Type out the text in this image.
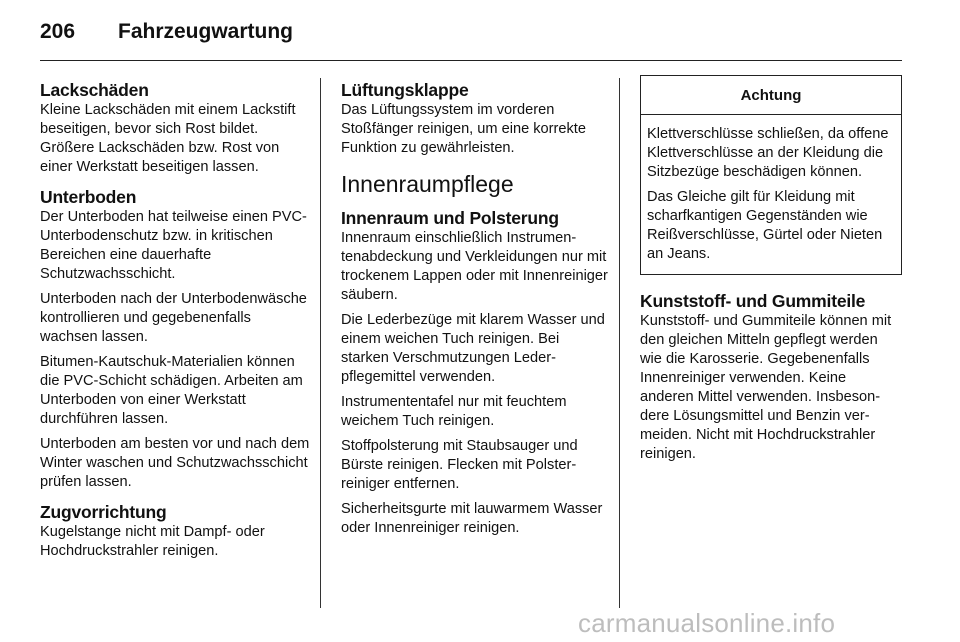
206 Fahrzeugwartung
Lackschäden

Kleine Lackschäden mit einem Lackstift beseitigen, bevor sich Rost bildet. Größere Lackschäden bzw. Rost von einer Werkstatt beseitigen lassen.

Unterboden

Der Unterboden hat teilweise einen PVC-Unterbodenschutz bzw. in kritischen Bereichen eine dauerhafte Schutzwachsschicht.

Unterboden nach der Unterbodenwäsche kontrollieren und gegebenenfalls wachsen lassen.

Bitumen-Kautschuk-Materialien können die PVC-Schicht schädigen. Arbeiten am Unterboden von einer Werkstatt durchführen lassen.

Unterboden am besten vor und nach dem Winter waschen und Schutzwachsschicht prüfen lassen.

Zugvorrichtung

Kugelstange nicht mit Dampf- oder Hochdruckstrahler reinigen.

Lüftungsklappe

Das Lüftungssystem im vorderen Stoßfänger reinigen, um eine korrekte Funktion zu gewährleisten.

Innenraumpflege
Innenraum und Polsterung

Innenraum einschließlich Instrumentenabdeckung und Verkleidungen nur mit trockenem Lappen oder mit Innenreiniger säubern.

Die Lederbezüge mit klarem Wasser und einem weichen Tuch reinigen. Bei starken Verschmutzungen Lederpflegemittel verwenden.

Instrumententafel nur mit feuchtem weichem Tuch reinigen.

Stoffpolsterung mit Staubsauger und Bürste reinigen. Flecken mit Polsterreiniger entfernen.

Sicherheitsgurte mit lauwarmem Wasser oder Innenreiniger reinigen.

Achtung

Klettverschlüsse schließen, da offene Klettverschlüsse an der Kleidung die Sitzbezüge beschädigen können.

Das Gleiche gilt für Kleidung mit scharfkantigen Gegenständen wie Reißverschlüsse, Gürtel oder Nieten an Jeans.

Kunststoff- und Gummiteile

Kunststoff- und Gummiteile können mit den gleichen Mitteln gepflegt werden wie die Karosserie. Gegebenenfalls Innenreiniger verwenden. Keine anderen Mittel verwenden. Insbesondere Lösungsmittel und Benzin vermeiden. Nicht mit Hochdruckstrahler reinigen.

carmanualsonline.info
